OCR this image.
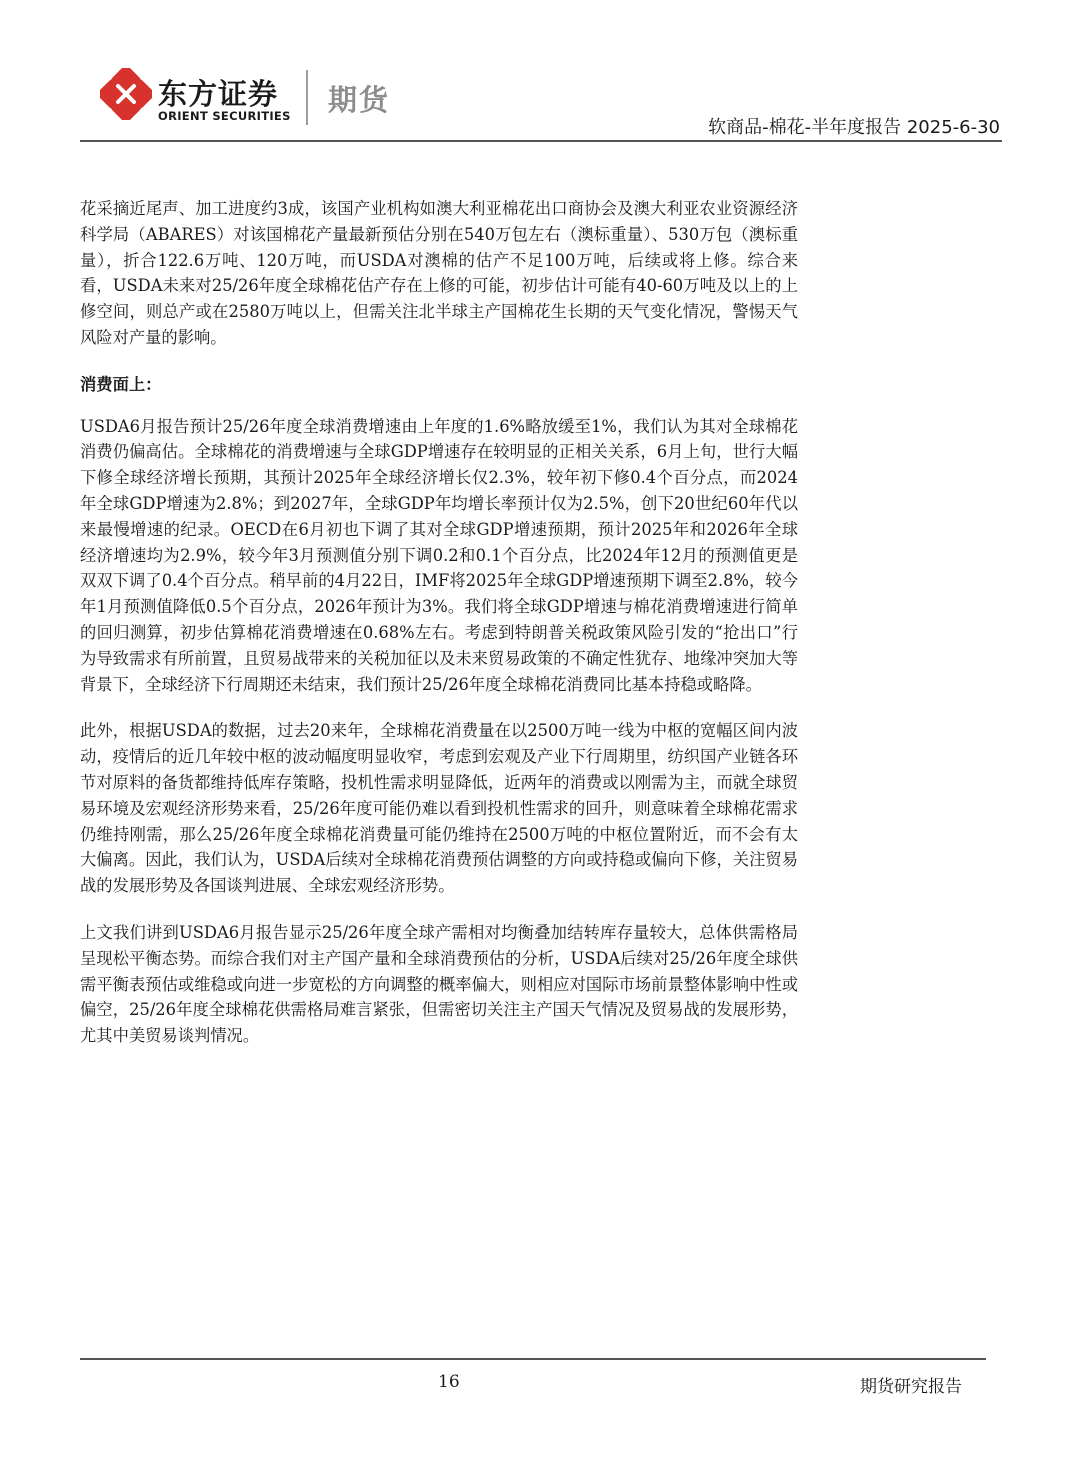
东方证券
ORIENT SECURITIES 期货
软商品-棉花-半年度报告 2025-6-30

花采摘近尾声、加工进度约3成，该国产业机构如澳大利亚棉花出口商协会及澳大利亚农业资源经济科学局（ABARES）对该国棉花产量最新预估分别在540万包左右（澳标重量）、530万包（澳标重量），折合122.6万吨、120万吨，而USDA对澳棉的估产不足100万吨，后续或将上修。综合来看，USDA未来对25/26年度全球棉花估产存在上修的可能，初步估计可能有40-60万吨及以上的上修空间，则总产或在2580万吨以上，但需关注北半球主产国棉花生长期的天气变化情况，警惕天气风险对产量的影响。

消费面上：

USDA6月报告预计25/26年度全球消费增速由上年度的1.6%略放缓至1%，我们认为其对全球棉花消费仍偏高估。全球棉花的消费增速与全球GDP增速存在较明显的正相关关系，6月上旬，世行大幅下修全球经济增长预期，其预计2025年全球经济增长仅2.3%，较年初下修0.4个百分点，而2024年全球GDP增速为2.8%；到2027年，全球GDP年均增长率预计仅为2.5%，创下20世纪60年代以来最慢增速的纪录。OECD在6月初也下调了其对全球GDP增速预期，预计2025年和2026年全球经济增速均为2.9%，较今年3月预测值分别下调0.2和0.1个百分点，比2024年12月的预测值更是双双下调了0.4个百分点。稍早前的4月22日，IMF将2025年全球GDP增速预期下调至2.8%，较今年1月预测值降低0.5个百分点，2026年预计为3%。我们将全球GDP增速与棉花消费增速进行简单的回归测算，初步估算棉花消费增速在0.68%左右。考虑到特朗普关税政策风险引发的“抢出口”行为导致需求有所前置，且贸易战带来的关税加征以及未来贸易政策的不确定性犹存、地缘冲突加大等背景下，全球经济下行周期还未结束，我们预计25/26年度全球棉花消费同比基本持稳或略降。

此外，根据USDA的数据，过去20来年，全球棉花消费量在以2500万吨一线为中枢的宽幅区间内波动，疫情后的近几年较中枢的波动幅度明显收窄，考虑到宏观及产业下行周期里，纺织国产业链各环节对原料的备货都维持低库存策略，投机性需求明显降低，近两年的消费或以刚需为主，而就全球贸易环境及宏观经济形势来看，25/26年度可能仍难以看到投机性需求的回升，则意味着全球棉花需求仍维持刚需，那么25/26年度全球棉花消费量可能仍维持在2500万吨的中枢位置附近，而不会有太大偏离。因此，我们认为，USDA后续对全球棉花消费预估调整的方向或持稳或偏向下修，关注贸易战的发展形势及各国谈判进展、全球宏观经济形势。

上文我们讲到USDA6月报告显示25/26年度全球产需相对均衡叠加结转库存量较大，总体供需格局呈现松平衡态势。而综合我们对主产国产量和全球消费预估的分析，USDA后续对25/26年度全球供需平衡表预估或维稳或向进一步宽松的方向调整的概率偏大，则相应对国际市场前景整体影响中性或偏空，25/26年度全球棉花供需格局难言紧张，但需密切关注主产国天气情况及贸易战的发展形势，尤其中美贸易谈判情况。

16	期货研究报告
